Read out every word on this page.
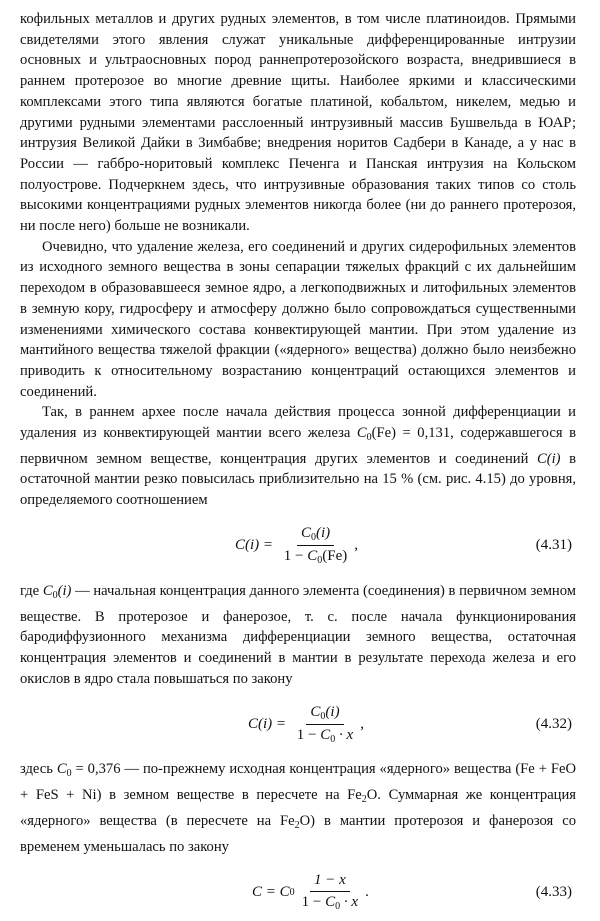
кофильных металлов и других рудных элементов, в том числе платиноидов. Прямыми свидетелями этого явления служат уникальные дифференцированные интрузии основных и ультраосновных пород раннепротерозойского возраста, внедрившиеся в раннем протерозое во многие древние щиты. Наиболее яркими и классическими комплексами этого типа являются богатые платиной, кобальтом, никелем, медью и другими рудными элементами расслоенный интрузивный массив Бушвельда в ЮАР; интрузия Великой Дайки в Зимбабве; внедрения норитов Садбери в Канаде, а у нас в России — габбро-норитовый комплекс Печенга и Панская интрузия на Кольском полуострове. Подчеркнем здесь, что интрузивные образования таких типов со столь высокими концентрациями рудных элементов никогда более (ни до раннего протерозоя, ни после него) больше не возникали.

Очевидно, что удаление железа, его соединений и других сидерофильных элементов из исходного земного вещества в зоны сепарации тяжелых фракций с их дальнейшим переходом в образовавшееся земное ядро, а легкоподвижных и литофильных элементов в земную кору, гидросферу и атмосферу должно было сопровождаться существенными изменениями химического состава конвектирующей мантии. При этом удаление из мантийного вещества тяжелой фракции («ядерного» вещества) должно было неизбежно приводить к относительному возрастанию концентраций остающихся элементов и соединений.

Так, в раннем архее после начала действия процесса зонной дифференциации и удаления из конвектирующей мантии всего железа $C_0(Fe) = 0,131$, содержавшегося в первичном земном веществе, концентрация других элементов и соединений C(i) в остаточной мантии резко повысилась приблизительно на 15 % (см. рис. 4.15) до уровня, определяемого соотношением

$C(i) = \frac{C_0(i)}{1 - C_0(Fe)}$ ,	(4.31)

где $C_0(i)$ — начальная концентрация данного элемента (соединения) в первичном земном веществе. В протерозое и фанерозое, т. с. после начала функционирования бародиффузионного механизма дифференциации земного вещества, остаточная концентрация элементов и соединений в мантии в результате перехода железа и его окислов в ядро стала повышаться по закону

$C(i) = \frac{C_0(i)}{1 - C_0 \cdot x}$ ,	(4.32)

здесь $C_0 = 0,376$ — по-прежнему исходная концентрация «ядерного» вещества (Fe + FeO + FeS + Ni) в земном веществе в пересчете на $Fe_2O$. Суммарная же концентрация «ядерного» вещества (в пересчете на $Fe_2O$) в мантии протерозоя и фанерозоя со временем уменьшалась по закону

C = C $0 \frac{1 - x}{1 - C_0 \cdot x}$ .	(4.33)
